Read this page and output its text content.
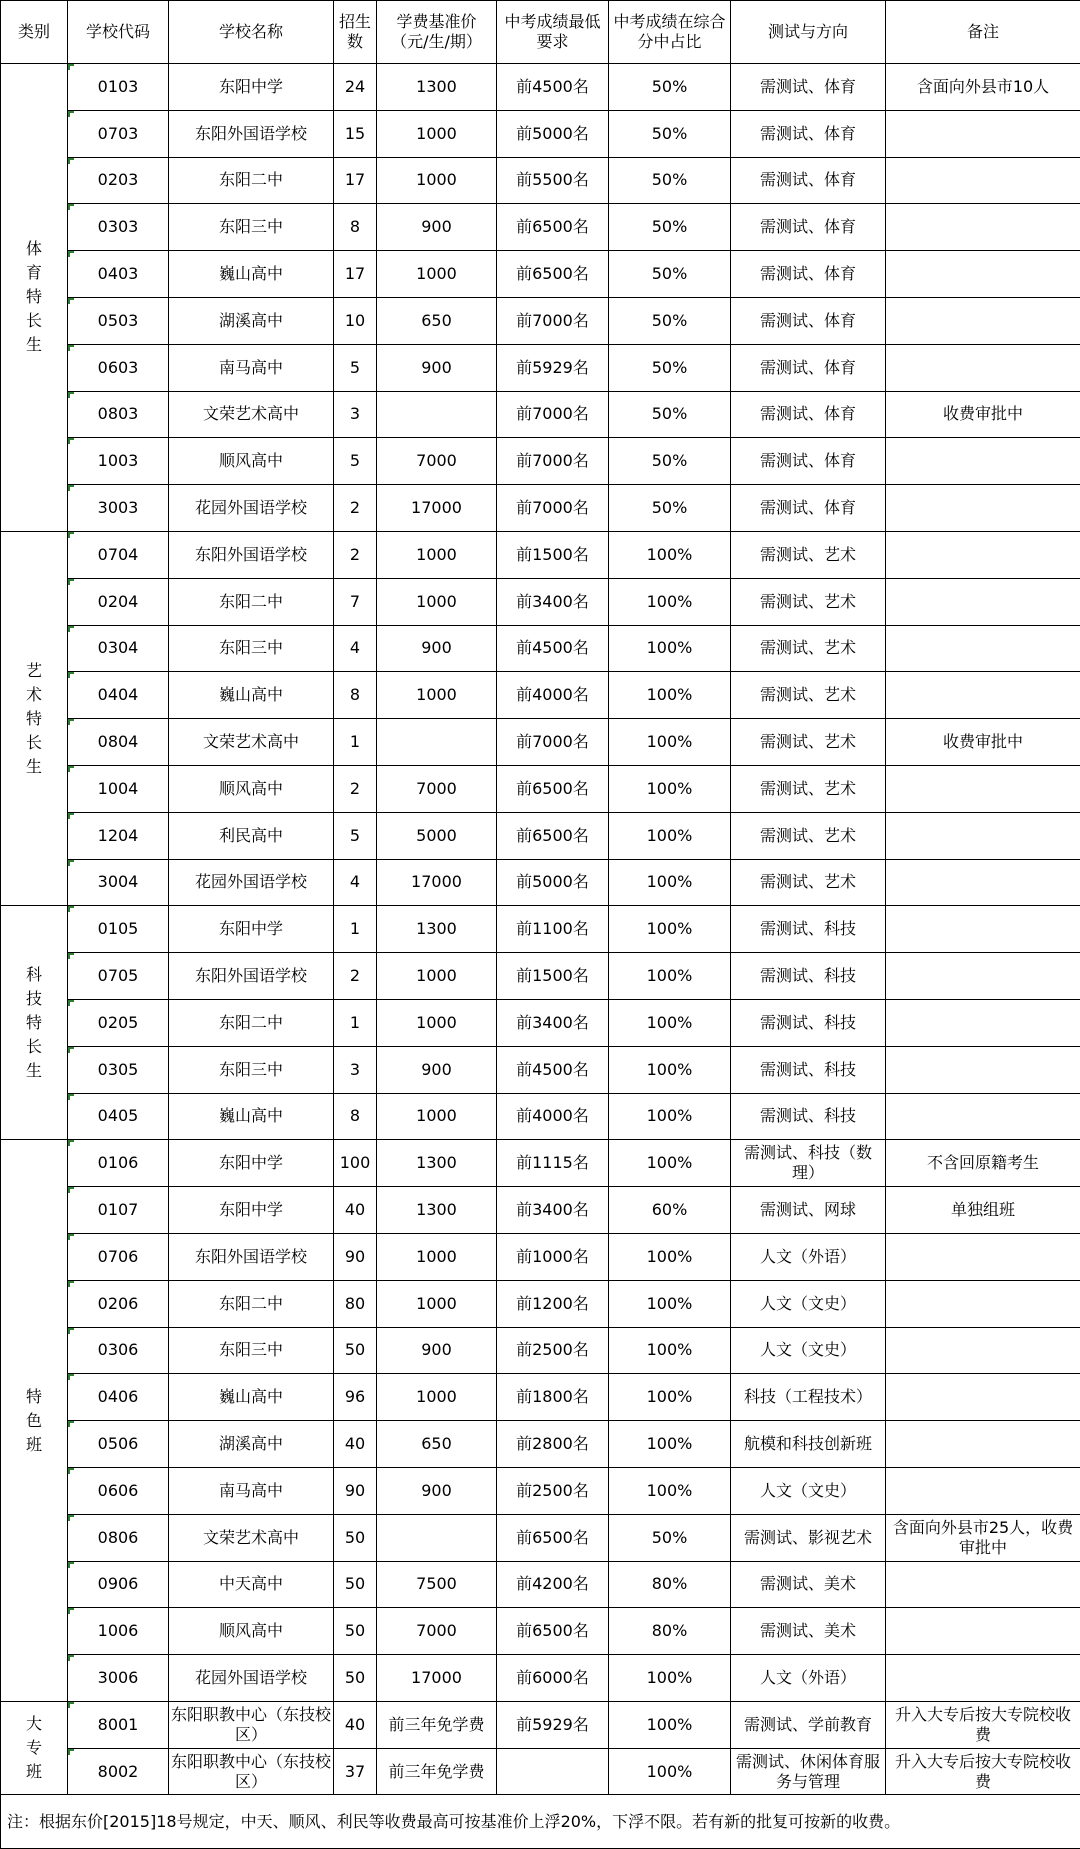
类别	学校代码	学校名称	招生数	学费基准价（元/生/期）	中考成绩最低要求	中考成绩在综合分中占比	测试与方向	备注
体育特长生	0103	东阳中学	24	1300	前4500名	50%	需测试、体育	含面向外县市10人
	0703	东阳外国语学校	15	1000	前5000名	50%	需测试、体育	
	0203	东阳二中	17	1000	前5500名	50%	需测试、体育	
	0303	东阳三中	8	900	前6500名	50%	需测试、体育	
	0403	巍山高中	17	1000	前6500名	50%	需测试、体育	
	0503	湖溪高中	10	650	前7000名	50%	需测试、体育	
	0603	南马高中	5	900	前5929名	50%	需测试、体育	
	0803	文荣艺术高中	3		前7000名	50%	需测试、体育	收费审批中
	1003	顺风高中	5	7000	前7000名	50%	需测试、体育	
	3003	花园外国语学校	2	17000	前7000名	50%	需测试、体育	
艺术特长生	0704	东阳外国语学校	2	1000	前1500名	100%	需测试、艺术	
	0204	东阳二中	7	1000	前3400名	100%	需测试、艺术	
	0304	东阳三中	4	900	前4500名	100%	需测试、艺术	
	0404	巍山高中	8	1000	前4000名	100%	需测试、艺术	
	0804	文荣艺术高中	1		前7000名	100%	需测试、艺术	收费审批中
	1004	顺风高中	2	7000	前6500名	100%	需测试、艺术	
	1204	利民高中	5	5000	前6500名	100%	需测试、艺术	
	3004	花园外国语学校	4	17000	前5000名	100%	需测试、艺术	
科技特长生	0105	东阳中学	1	1300	前1100名	100%	需测试、科技	
	0705	东阳外国语学校	2	1000	前1500名	100%	需测试、科技	
	0205	东阳二中	1	1000	前3400名	100%	需测试、科技	
	0305	东阳三中	3	900	前4500名	100%	需测试、科技	
	0405	巍山高中	8	1000	前4000名	100%	需测试、科技	
特色班	0106	东阳中学	100	1300	前1115名	100%	需测试、科技（数理）	不含回原籍考生
	0107	东阳中学	40	1300	前3400名	60%	需测试、网球	单独组班
	0706	东阳外国语学校	90	1000	前1000名	100%	人文（外语）	
	0206	东阳二中	80	1000	前1200名	100%	人文（文史）	
	0306	东阳三中	50	900	前2500名	100%	人文（文史）	
	0406	巍山高中	96	1000	前1800名	100%	科技（工程技术）	
	0506	湖溪高中	40	650	前2800名	100%	航模和科技创新班	
	0606	南马高中	90	900	前2500名	100%	人文（文史）	
	0806	文荣艺术高中	50		前6500名	50%	需测试、影视艺术	含面向外县市25人，收费审批中
	0906	中天高中	50	7500	前4200名	80%	需测试、美术	
	1006	顺风高中	50	7000	前6500名	80%	需测试、美术	
	3006	花园外国语学校	50	17000	前6000名	100%	人文（外语）	
大专班	8001	东阳职教中心（东技校区）	40	前三年免学费	前5929名	100%	需测试、学前教育	升入大专后按大专院校收费
	8002	东阳职教中心（东技校区）	37	前三年免学费		100%	需测试、休闲体育服务与管理	升入大专后按大专院校收费
注：根据东价[2015]18号规定，中天、顺风、利民等收费最高可按基准价上浮20%，下浮不限。若有新的批复可按新的收费。								
